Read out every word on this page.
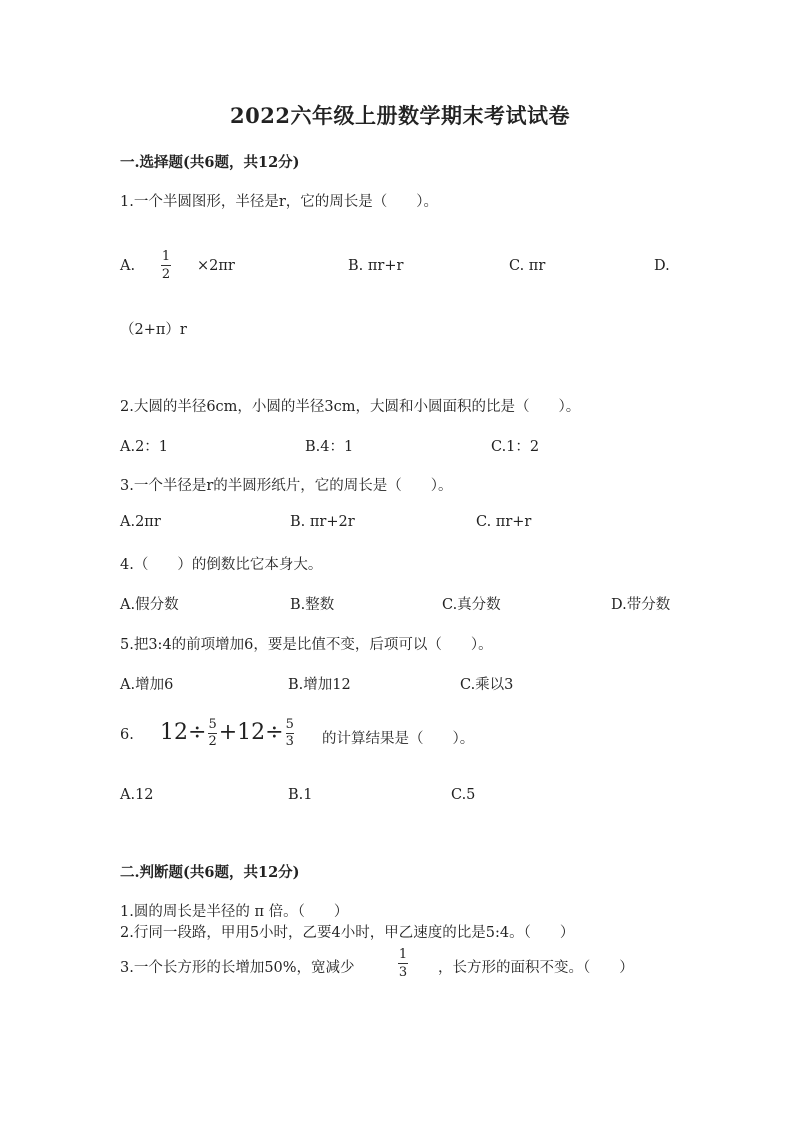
2022六年级上册数学期末考试试卷
一.选择题(共6题，共12分)
1.一个半圆图形，半径是r，它的周长是（　　）。
A.
1
2
×2πr	B. πr+r	C. πr	D.
（2+π）r
2.大圆的半径6cm，小圆的半径3cm，大圆和小圆面积的比是（　　）。
A.2：1	B.4：1	C.1：2
3.一个半径是r的半圆形纸片，它的周长是（　　）。
A.2πr	B. πr+2r	C. πr+r
4.（　　）的倒数比它本身大。
A.假分数	B.整数	C.真分数	D.带分数
5.把3:4的前项增加6，要是比值不变，后项可以（　　）。
A.增加6	B.增加12	C.乘以3
6. $12\div \frac{5}{2} +12\div \frac{5}{3}$ 的计算结果是（　　）。
A.12	B.1	C.5
二.判断题(共6题，共12分)
1.圆的周长是半径的 π 倍。（　　）
2.行同一段路，甲用5小时，乙要4小时，甲乙速度的比是5:4。（　　）
3.一个长方形的长增加50%，宽减少
1
3 ，长方形的面积不变。（　　）
